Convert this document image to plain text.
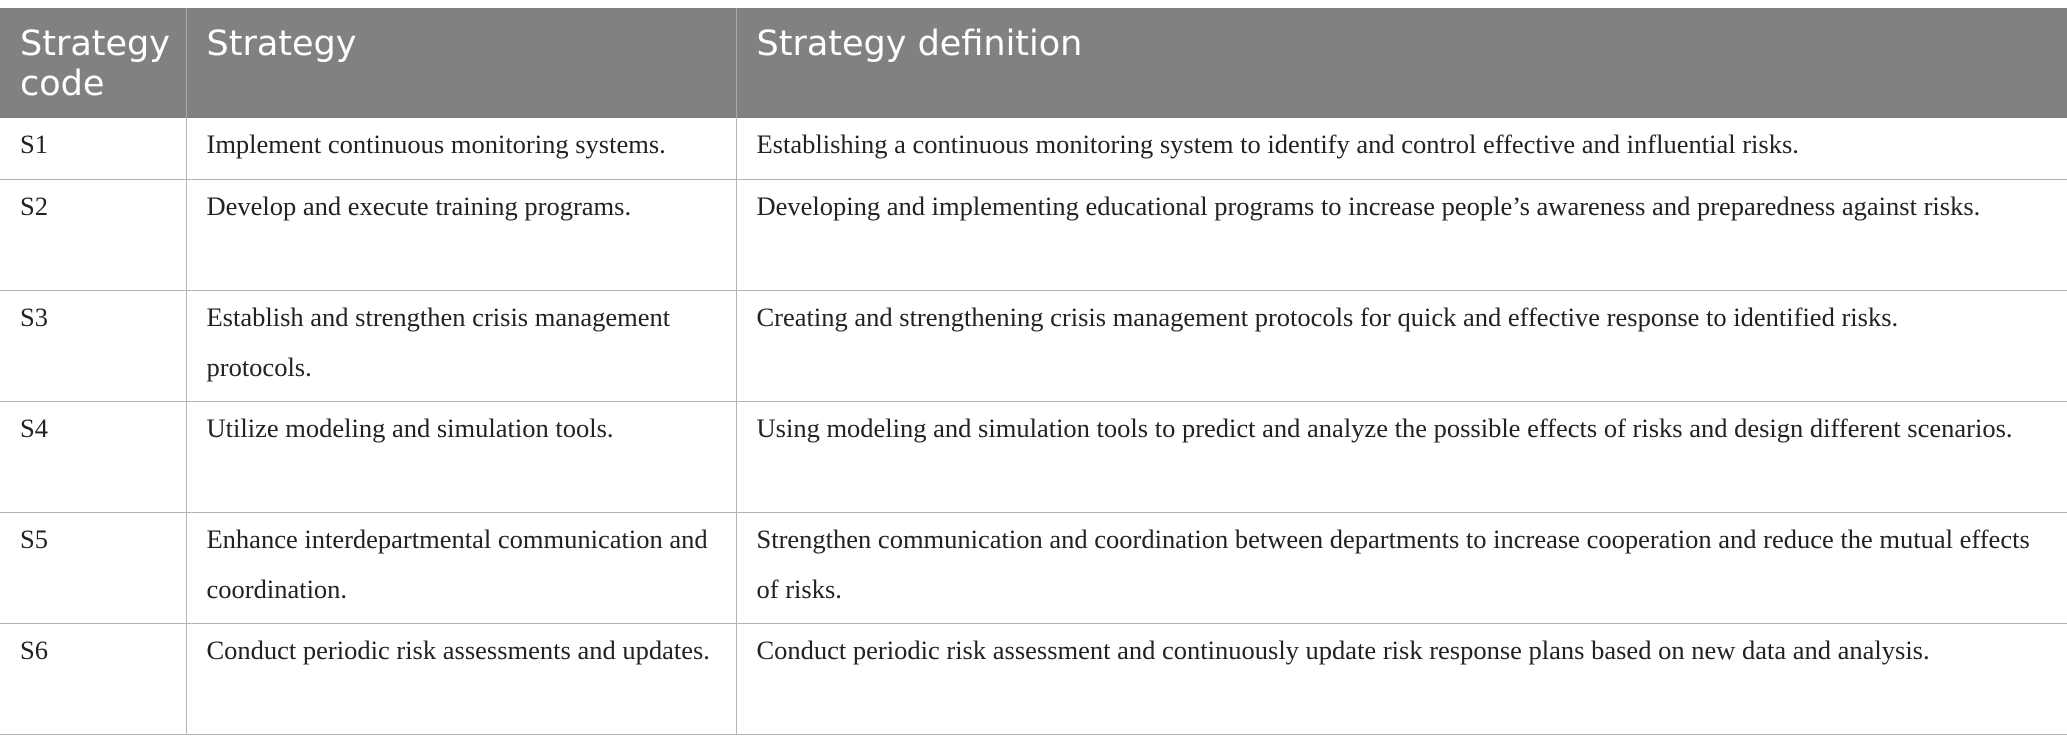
Strategy code	Strategy	Strategy definition
S1	Implement continuous monitoring systems.	Establishing a continuous monitoring system to identify and control effective and influential risks.
S2	Develop and execute training programs.	Developing and implementing educational programs to increase people’s awareness and preparedness against risks.
S3	Establish and strengthen crisis management protocols.	Creating and strengthening crisis management protocols for quick and effective response to identified risks.
S4	Utilize modeling and simulation tools.	Using modeling and simulation tools to predict and analyze the possible effects of risks and design different scenarios.
S5	Enhance interdepartmental communication and coordination.	Strengthen communication and coordination between departments to increase cooperation and reduce the mutual effects of risks.
S6	Conduct periodic risk assessments and updates.	Conduct periodic risk assessment and continuously update risk response plans based on new data and analysis.
